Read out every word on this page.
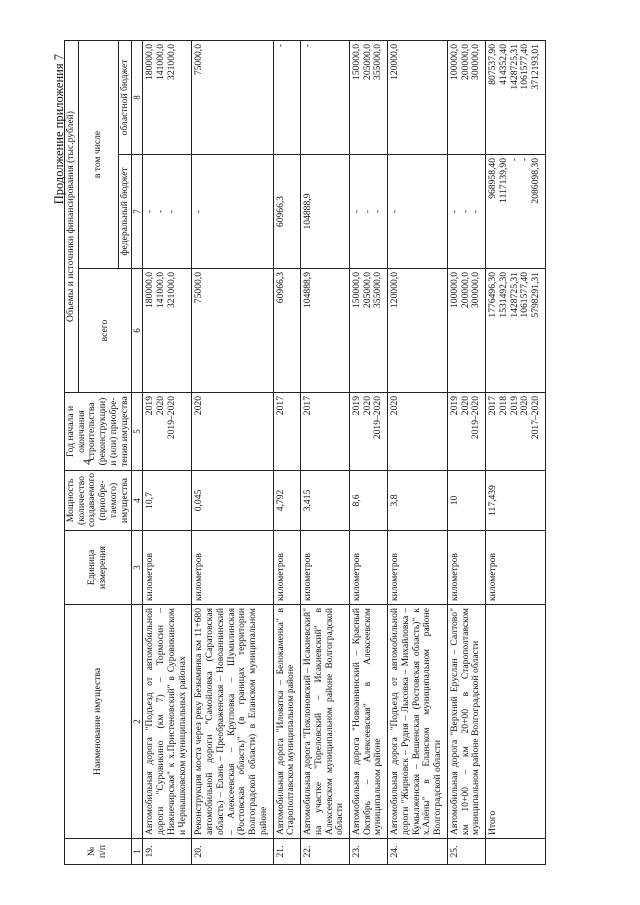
4
Продолжение приложения 7
№
п/п	Наименование имущества	Единица измерения	Мощность (количество создаваемого (приобре-таемого) имущества	Год начала и окончания строительства (реконструкции) и (или) приобре-тения имущества	Объемы и источники финансирования (тыс.рублей)		
					всего	в том числе	
						федеральный бюджет	областной бюджет
1	2	3	4	5	6	7	8
19.	Автомобильная дорога "Подъезд от автомобильной дороги "Суровикино (км 7) – Тормосин – Нижнечирская" к х.Пристеновский" в Суровикинском и Чернышковском муниципальных районах	километров	10,7	2019 2020 2019–2020	180000,0 141000,0 321000,0	- - -	180000,0 141000,0 321000,0

20.	Реконструкция моста через реку Безымянка км 11+680 автомобильной дороги "Самойловка (Саратовская область) – Елань – Преображенская – Новоаннинский – Алексеевская – Кругловка – Шумилинская (Ростовская область)" (в границах территории Волгоградской области) в Еланском муниципальном районе	километров	0,045	2020	75000,0	-	75000,0

21.	Автомобильная дорога "Иловатка – Белокаменка" в Старополтавском муниципальном районе	километров	4,792	2017	60966,3	60966,3	-

22.	Автомобильная дорога "Поклоновский – Исакиевский" на участке "Тореловский – Исакиевский" в Алексеевском муниципальном районе Волгоградской области	километров	3,415	2017	104888,9	104888,9	-

23.	Автомобильная дорога "Новоаннинский – Красный Октябрь – Алексеевская" в Алексеевском муниципальном районе	километров	8,6	2019 2020 2019–2020	150000,0 205000,0 355000,0	- - -	150000,0 205000,0 355000,0

24.	Автомобильная дорога "Подъезд от автомобильной дороги "Жирновск – Рудня – Лысовка – Михайловка – Кумылженская – Вешенская (Ростовская область)" к х.Алёны" в Еланском муниципальном районе Волгоградской области	километров	3,8	2020	120000,0	-	120000,0

25.	Автомобильная дорога "Верхний Еруслан – Салтово" км 10+00 – км 20+00 в Старополтавском муниципальном районе Волгоградской области	километров	10	2019 2020 2019–2020	100000,0 200000,0 300000,0	- - -	100000,0 200000,0 300000,0

	Итого	километров	117,439	2017 2018 2019 2020 2017–2020	1776496,30 1531492,30 1428725,31 1061577,40 5798291,31	968958,40 1117139,90 - - 2086098,30	807537,90 414352,40 1428725,31 1061577,40 3712193,01
